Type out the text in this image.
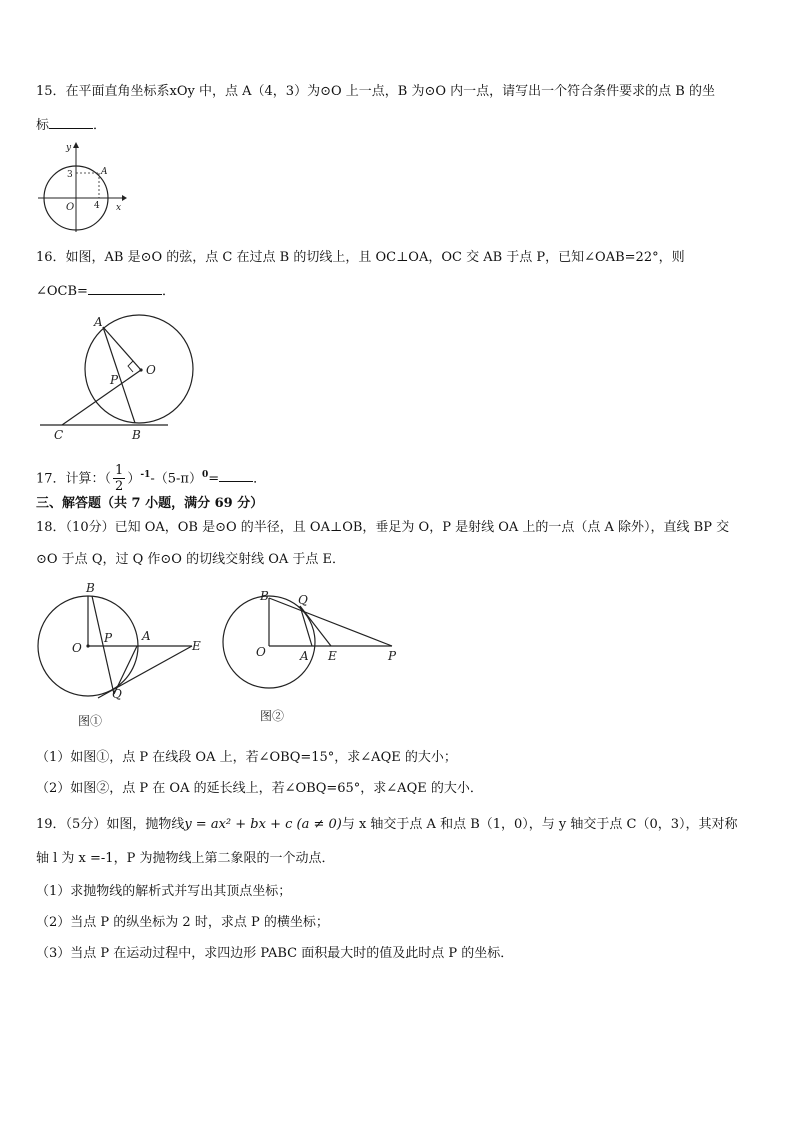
15．在平面直角坐标系xOy 中，点 A（4，3）为⊙O 上一点，B 为⊙O 内一点，请写出一个符合条件要求的点 B 的坐
标	．
y
x
O
A
3
4
16．如图，AB 是⊙O 的弦，点 C 在过点 B 的切线上，且 OC⊥OA，OC 交 AB 于点 P，已知∠OAB=22°，则
∠OCB=	．
A
O
P
C	B
17．计算：（ $\frac{1}{2} )^{-1}-(5-\pi)^0=$	．
三、解答题（共 7 小题，满分 69 分）
18．（10分）已知 OA，OB 是⊙O 的半径，且 OA⊥OB，垂足为 O，P 是射线 OA 上的一点（点 A 除外），直线 BP 交
⊙O 于点 Q，过 Q 作⊙O 的切线交射线 OA 于点 E．
B
O
P A
E
Q
图①
B Q
O	A E	P
图②
（1）如图①，点 P 在线段 OA 上，若∠OBQ=15°，求∠AQE 的大小；
（2）如图②，点 P 在 OA 的延长线上，若∠OBQ=65°，求∠AQE 的大小．
19．（5分）如图，抛物线y = ax² + bx + c (a ≠ 0)与 x 轴交于点 A 和点 B（1，0），与 y 轴交于点 C（0，3），其对称
轴 l 为 x =-1，P 为抛物线上第二象限的一个动点．
（1）求抛物线的解析式并写出其顶点坐标；
（2）当点 P 的纵坐标为 2 时，求点 P 的横坐标；
（3）当点 P 在运动过程中，求四边形 PABC 面积最大时的值及此时点 P 的坐标．
